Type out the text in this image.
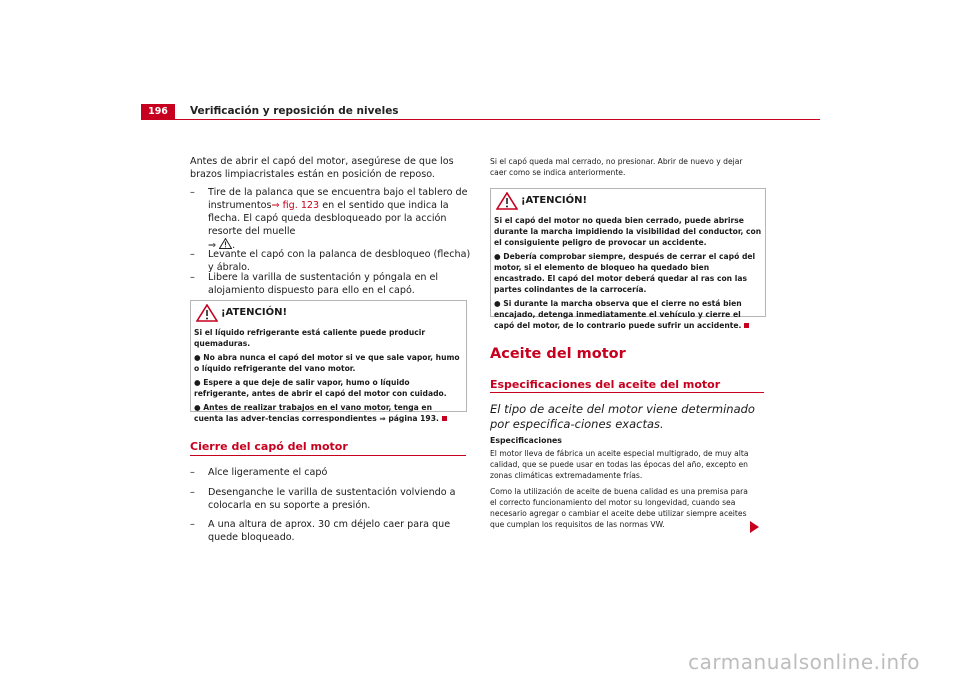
196	Verificación y reposición de niveles
Antes de abrir el capó del motor, asegúrese de que los brazos limpiacristales están en posición de reposo.
– Tire de la palanca que se encuentra bajo el tablero de instrumentos⇒ fig. 123 en el sentido que indica la flecha. El capó queda desbloqueado por la acción resorte del muelle
⇒ .
– Levante el capó con la palanca de desbloqueo (flecha) y ábralo.
– Libere la varilla de sustentación y póngala en el alojamiento dispuesto para ello en el capó.
¡ATENCIÓN!
Si el líquido refrigerante está caliente puede producir quemaduras.
● No abra nunca el capó del motor si ve que sale vapor, humo o líquido refrigerante del vano motor.
● Espere a que deje de salir vapor, humo o líquido refrigerante, antes de abrir el capó del motor con cuidado.
● Antes de realizar trabajos en el vano motor, tenga en cuenta las adver-tencias correspondientes ⇒ página 193.
Cierre del capó del motor
– Alce ligeramente el capó
– Desenganche le varilla de sustentación volviendo a colocarla en su soporte a presión.
– A una altura de aprox. 30 cm déjelo caer para que quede bloqueado.
Si el capó queda mal cerrado, no presionar. Abrir de nuevo y dejar caer como se indica anteriormente.
¡ATENCIÓN!
Si el capó del motor no queda bien cerrado, puede abrirse durante la marcha impidiendo la visibilidad del conductor, con el consiguiente peligro de provocar un accidente.
● Debería comprobar siempre, después de cerrar el capó del motor, si el elemento de bloqueo ha quedado bien encastrado. El capó del motor deberá quedar al ras con las partes colindantes de la carrocería.
● Si durante la marcha observa que el cierre no está bien encajado, detenga inmediatamente el vehículo y cierre el capó del motor, de lo contrario puede sufrir un accidente.
Aceite del motor
Especificaciones del aceite del motor
El tipo de aceite del motor viene determinado por especifica-ciones exactas.
Especificaciones
El motor lleva de fábrica un aceite especial multigrado, de muy alta calidad, que se puede usar en todas las épocas del año, excepto en zonas climáticas extremadamente frías.
Como la utilización de aceite de buena calidad es una premisa para el correcto funcionamiento del motor su longevidad, cuando sea necesario agregar o cambiar el aceite debe utilizar siempre aceites que cumplan los requisitos de las normas VW.
carmanualsonline.info
